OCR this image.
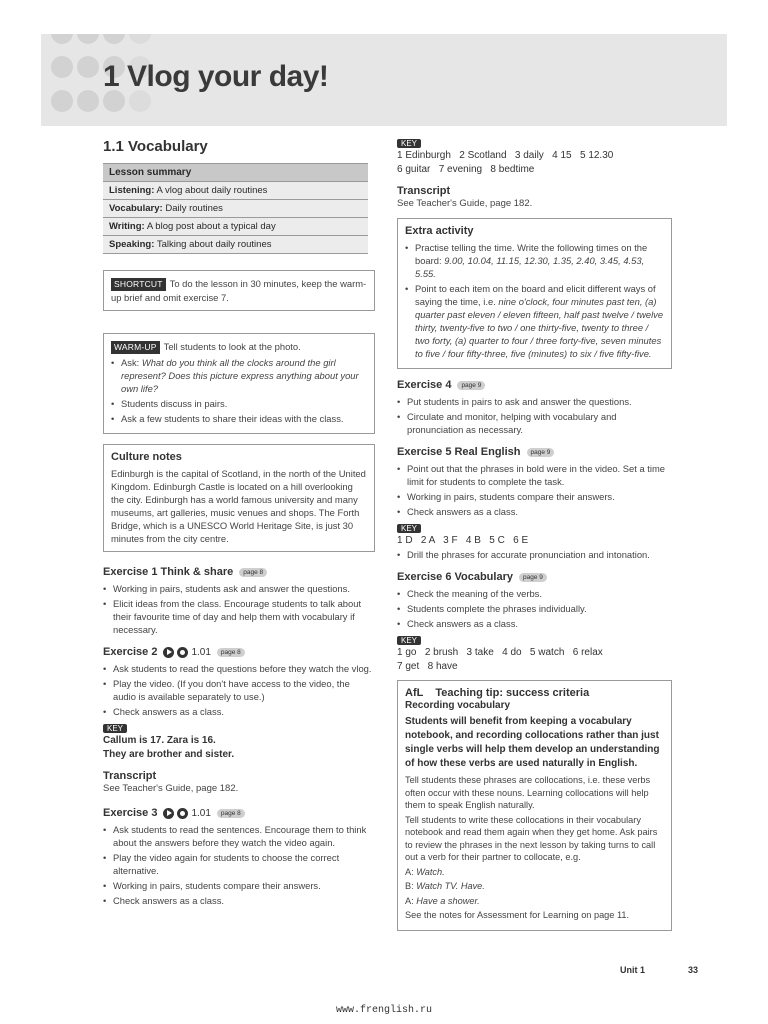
1 Vlog your day!
1.1 Vocabulary
Lesson summary
Listening: A vlog about daily routines
Vocabulary: Daily routines
Writing: A blog post about a typical day
Speaking: Talking about daily routines
SHORTCUT To do the lesson in 30 minutes, keep the warm-up brief and omit exercise 7.
WARM-UP Tell students to look at the photo.
• Ask: What do you think all the clocks around the girl represent? Does this picture express anything about your own life?
• Students discuss in pairs.
• Ask a few students to share their ideas with the class.
Culture notes
Edinburgh is the capital of Scotland, in the north of the United Kingdom. Edinburgh Castle is located on a hill overlooking the city. Edinburgh has a world famous university and many museums, art galleries, music venues and shops. The Forth Bridge, which is a UNESCO World Heritage Site, is just 30 minutes from the city centre.
Exercise 1 Think & share	page 8
• Working in pairs, students ask and answer the questions.
• Elicit ideas from the class. Encourage students to talk about their favourite time of day and help them with vocabulary if necessary.
Exercise 2	1.01	page 8
• Ask students to read the questions before they watch the vlog.
• Play the video. (If you don't have access to the video, the audio is available separately to use.)
• Check answers as a class.
KEY
Callum is 17. Zara is 16.
They are brother and sister.
Transcript
See Teacher's Guide, page 182.
Exercise 3	1.01	page 8
• Ask students to read the sentences. Encourage them to think about the answers before they watch the video again.
• Play the video again for students to choose the correct alternative.
• Working in pairs, students compare their answers.
• Check answers as a class.
KEY
1 Edinburgh 2 Scotland 3 daily 4 15 5 12.30
6 guitar 7 evening 8 bedtime
Transcript
See Teacher's Guide, page 182.
Extra activity
• Practise telling the time. Write the following times on the board: 9.00, 10.04, 11.15, 12.30, 1.35, 2.40, 3.45, 4.53, 5.55.
• Point to each item on the board and elicit different ways of saying the time, i.e. nine o'clock, four minutes past ten, (a) quarter past eleven / eleven fifteen, half past twelve / twelve thirty, twenty-five to two / one thirty-five, twenty to three / two forty, (a) quarter to four / three forty-five, seven minutes to five / four fifty-three, five (minutes) to six / five fifty-five.
Exercise 4	page 9
• Put students in pairs to ask and answer the questions.
• Circulate and monitor, helping with vocabulary and pronunciation as necessary.
Exercise 5 Real English	page 9
• Point out that the phrases in bold were in the video. Set a time limit for students to complete the task.
• Working in pairs, students compare their answers.
• Check answers as a class.
KEY
1 D   2 A   3 F   4 B   5 C   6 E
• Drill the phrases for accurate pronunciation and intonation.
Exercise 6 Vocabulary	page 9
• Check the meaning of the verbs.
• Students complete the phrases individually.
• Check answers as a class.
KEY
1 go 2 brush 3 take 4 do 5 watch 6 relax
7 get 8 have
AfL    Teaching tip: success criteria
Recording vocabulary
Students will benefit from keeping a vocabulary notebook, and recording collocations rather than just single verbs will help them develop an understanding of how these verbs are used naturally in English.

Tell students these phrases are collocations, i.e. these verbs often occur with these nouns. Learning collocations will help them to speak English naturally.

Tell students to write these collocations in their vocabulary notebook and read them again when they get home. Ask pairs to review the phrases in the next lesson by taking turns to call out a verb for their partner to collocate, e.g.

A: Watch.

B: Watch TV. Have.

A: Have a shower.

See the notes for Assessment for Learning on page 11.

Unit 1	33
www.frenglish.ru
